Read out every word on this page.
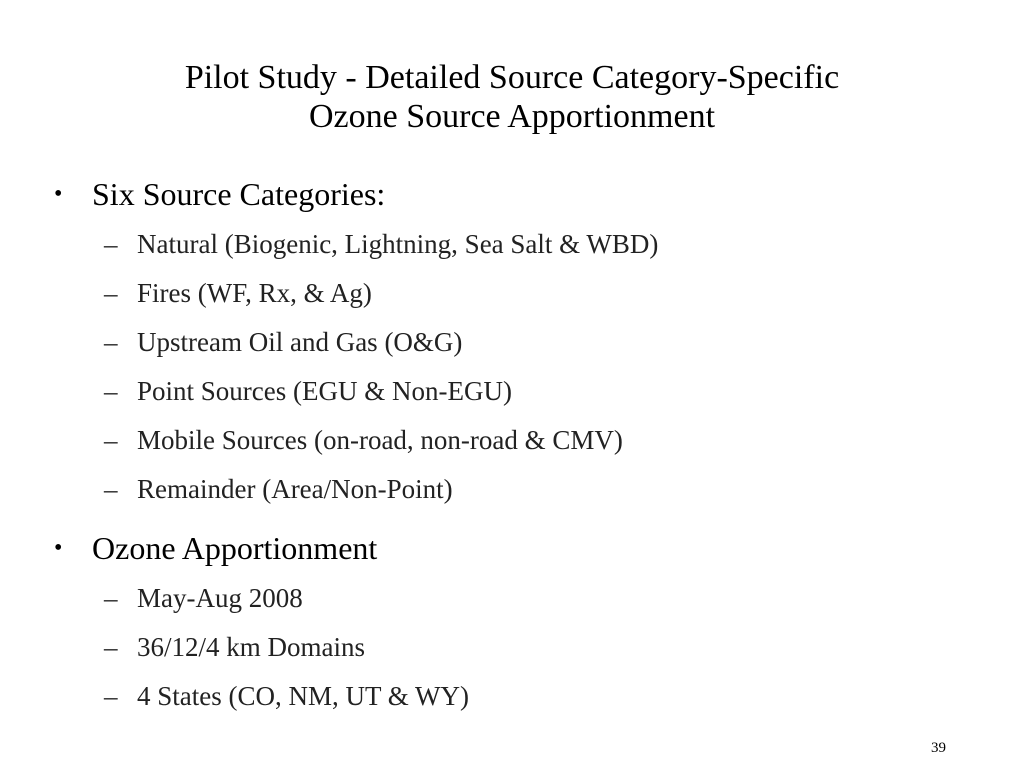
Pilot Study - Detailed Source Category-Specific
Ozone Source Apportionment
• Six Source Categories:
– Natural (Biogenic, Lightning, Sea Salt & WBD)
– Fires (WF, Rx, & Ag)
– Upstream Oil and Gas (O&G)
– Point Sources (EGU & Non-EGU)
– Mobile Sources (on-road, non-road & CMV)
– Remainder (Area/Non-Point)
• Ozone Apportionment
– May-Aug 2008
– 36/12/4 km Domains
– 4 States (CO, NM, UT & WY)
39
